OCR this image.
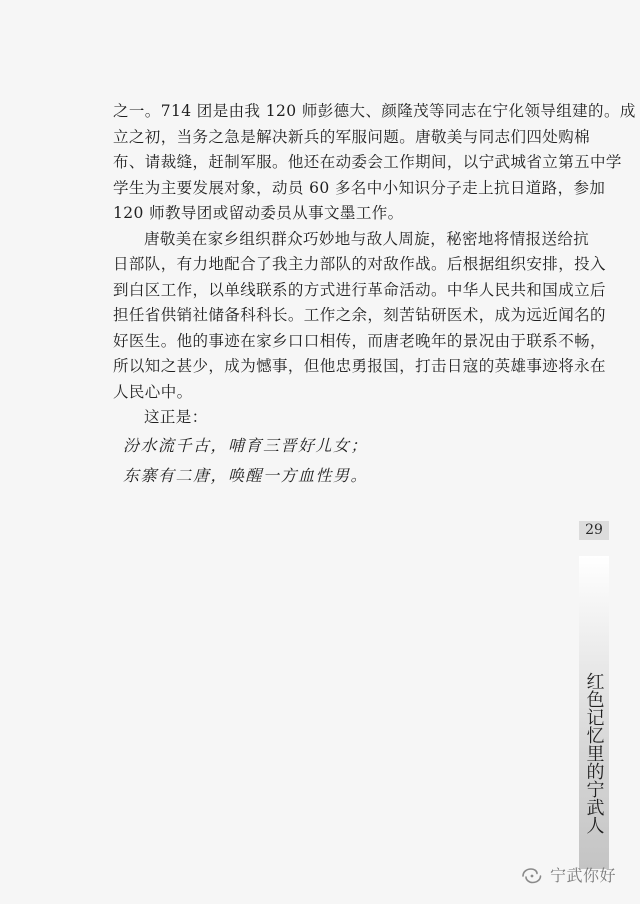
之一。714 团是由我 120 师彭德大、颜隆茂等同志在宁化领导组建的。成
立之初，当务之急是解决新兵的军服问题。唐敬美与同志们四处购棉
布、请裁缝，赶制军服。他还在动委会工作期间，以宁武城省立第五中学
学生为主要发展对象，动员 60 多名中小知识分子走上抗日道路，参加
120 师教导团或留动委员从事文墨工作。

唐敬美在家乡组织群众巧妙地与敌人周旋，秘密地将情报送给抗
日部队，有力地配合了我主力部队的对敌作战。后根据组织安排，投入
到白区工作，以单线联系的方式进行革命活动。中华人民共和国成立后
担任省供销社储备科科长。工作之余，刻苦钻研医术，成为远近闻名的
好医生。他的事迹在家乡口口相传，而唐老晚年的景况由于联系不畅，
所以知之甚少，成为憾事，但他忠勇报国，打击日寇的英雄事迹将永在
人民心中。

这正是：

汾水流千古，哺育三晋好儿女；
东寨有二唐，唤醒一方血性男。
29
红色记忆里的宁武人
宁武你好
